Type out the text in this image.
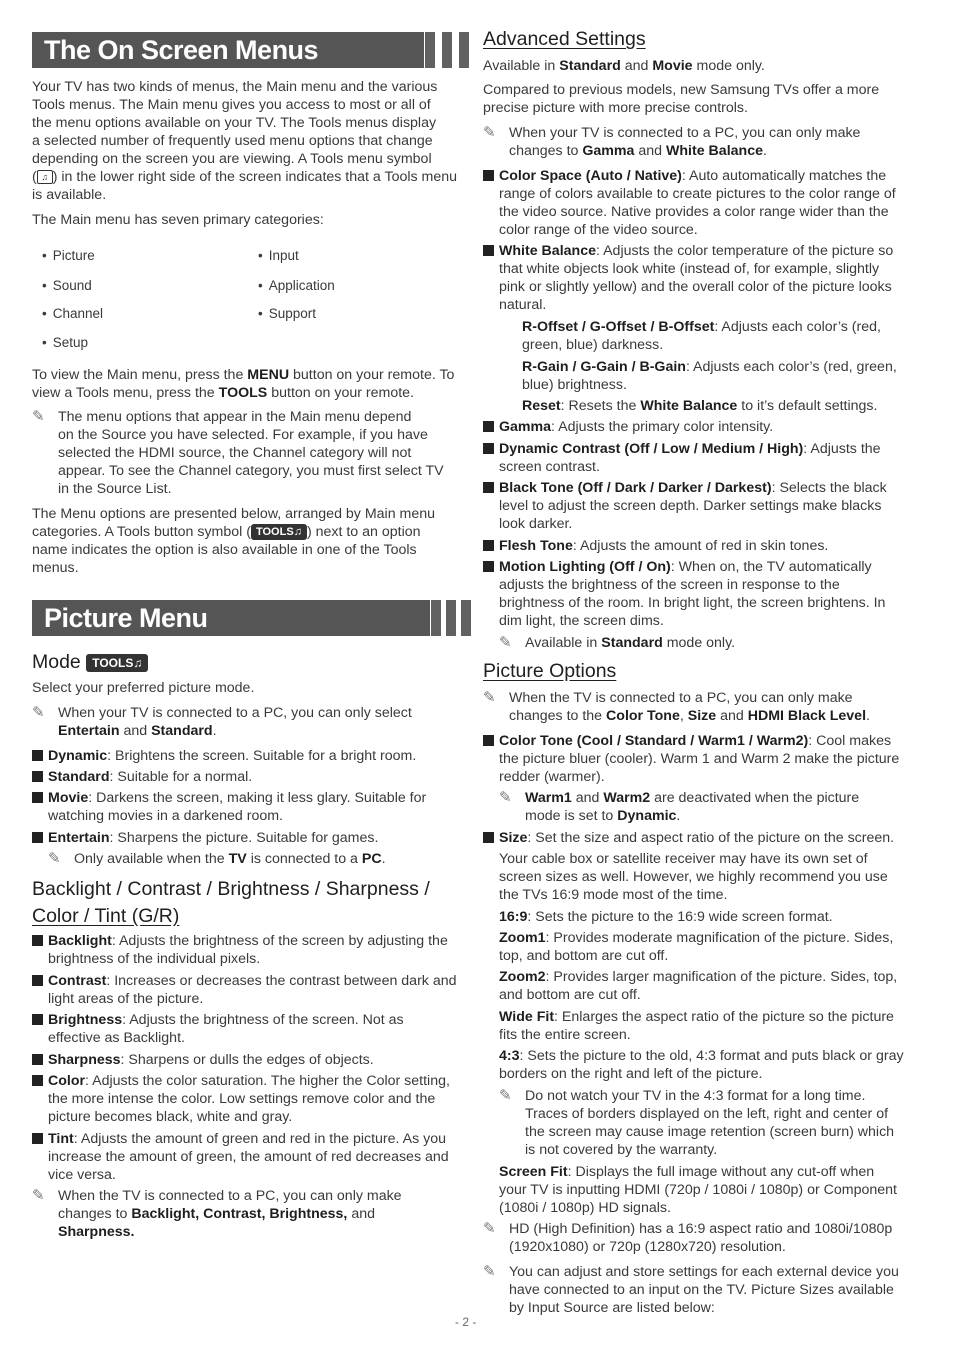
The On Screen Menus
Your TV has two kinds of menus, the Main menu and the various
Tools menus. The Main menu gives you access to most or all of
the menu options available on your TV. The Tools menus display
a selected number of frequently used menu options that change
depending on the screen you are viewing. A Tools menu symbol
( ♫ ) in the lower right side of the screen indicates that a Tools menu
is available.
The Main menu has seven primary categories:
• Picture	• Input
• Sound	• Application
• Channel	• Support
• Setup
To view the Main menu, press the MENU button on your remote. To
view a Tools menu, press the TOOLS button on your remote.
✎ The menu options that appear in the Main menu depend
on the Source you have selected. For example, if you have
selected the HDMI source, the Channel category will not
appear. To see the Channel category, you must first select TV
in the Source List.
The Menu options are presented below, arranged by Main menu
categories. A Tools button symbol ( TOOLS♫ ) next to an option
name indicates the option is also available in one of the Tools
menus.
Picture Menu
Mode TOOLS♫
Select your preferred picture mode.
✎ When your TV is connected to a PC, you can only select
Entertain and Standard.
Dynamic: Brightens the screen. Suitable for a bright room.
Standard: Suitable for a normal.
Movie: Darkens the screen, making it less glary. Suitable for
watching movies in a darkened room.
Entertain: Sharpens the picture. Suitable for games.
✎ Only available when the TV is connected to a PC.
Backlight / Contrast / Brightness / Sharpness /
Color / Tint (G/R)
Backlight: Adjusts the brightness of the screen by adjusting the
brightness of the individual pixels.
Contrast: Increases or decreases the contrast between dark and
light areas of the picture.
Brightness: Adjusts the brightness of the screen. Not as
effective as Backlight.
Sharpness: Sharpens or dulls the edges of objects.
Color: Adjusts the color saturation. The higher the Color setting,
the more intense the color. Low settings remove color and the
picture becomes black, white and gray.
Tint: Adjusts the amount of green and red in the picture. As you
increase the amount of green, the amount of red decreases and
vice versa.
✎ When the TV is connected to a PC, you can only make
changes to Backlight, Contrast, Brightness, and
Sharpness.
Advanced Settings
Available in Standard and Movie mode only.
Compared to previous models, new Samsung TVs offer a more
precise picture with more precise controls.
✎ When your TV is connected to a PC, you can only make
changes to Gamma and White Balance.
Color Space (Auto / Native): Auto automatically matches the
range of colors available to create pictures to the color range of
the video source. Native provides a color range wider than the
color range of the video source.
White Balance: Adjusts the color temperature of the picture so
that white objects look white (instead of, for example, slightly
pink or slightly yellow) and the overall color of the picture looks
natural.
R-Offset / G-Offset / B-Offset: Adjusts each color’s (red,
green, blue) darkness.
R-Gain / G-Gain / B-Gain: Adjusts each color’s (red, green,
blue) brightness.
Reset: Resets the White Balance to it’s default settings.
Gamma: Adjusts the primary color intensity.
Dynamic Contrast (Off / Low / Medium / High): Adjusts the
screen contrast.
Black Tone (Off / Dark / Darker / Darkest): Selects the black
level to adjust the screen depth. Darker settings make blacks
look darker.
Flesh Tone: Adjusts the amount of red in skin tones.
Motion Lighting (Off / On): When on, the TV automatically
adjusts the brightness of the screen in response to the
brightness of the room. In bright light, the screen brightens. In
dim light, the screen dims.
✎ Available in Standard mode only.
Picture Options
✎ When the TV is connected to a PC, you can only make
changes to the Color Tone, Size and HDMI Black Level.
Color Tone (Cool / Standard / Warm1 / Warm2): Cool makes
the picture bluer (cooler). Warm 1 and Warm 2 make the picture
redder (warmer).
✎ Warm1 and Warm2 are deactivated when the picture
mode is set to Dynamic.
Size: Set the size and aspect ratio of the picture on the screen.
Your cable box or satellite receiver may have its own set of
screen sizes as well. However, we highly recommend you use
the TVs 16:9 mode most of the time.
16:9: Sets the picture to the 16:9 wide screen format.
Zoom1: Provides moderate magnification of the picture. Sides,
top, and bottom are cut off.
Zoom2: Provides larger magnification of the picture. Sides, top,
and bottom are cut off.
Wide Fit: Enlarges the aspect ratio of the picture so the picture
fits the entire screen.
4:3: Sets the picture to the old, 4:3 format and puts black or gray
borders on the right and left of the picture.
✎ Do not watch your TV in the 4:3 format for a long time.
Traces of borders displayed on the left, right and center of
the screen may cause image retention (screen burn) which
is not covered by the warranty.
Screen Fit: Displays the full image without any cut-off when
your TV is inputting HDMI (720p / 1080i / 1080p) or Component
(1080i / 1080p) HD signals.
✎ HD (High Definition) has a 16:9 aspect ratio and 1080i/1080p
(1920x1080) or 720p (1280x720) resolution.
✎ You can adjust and store settings for each external device you
have connected to an input on the TV. Picture Sizes available
by Input Source are listed below:
- 2 -
